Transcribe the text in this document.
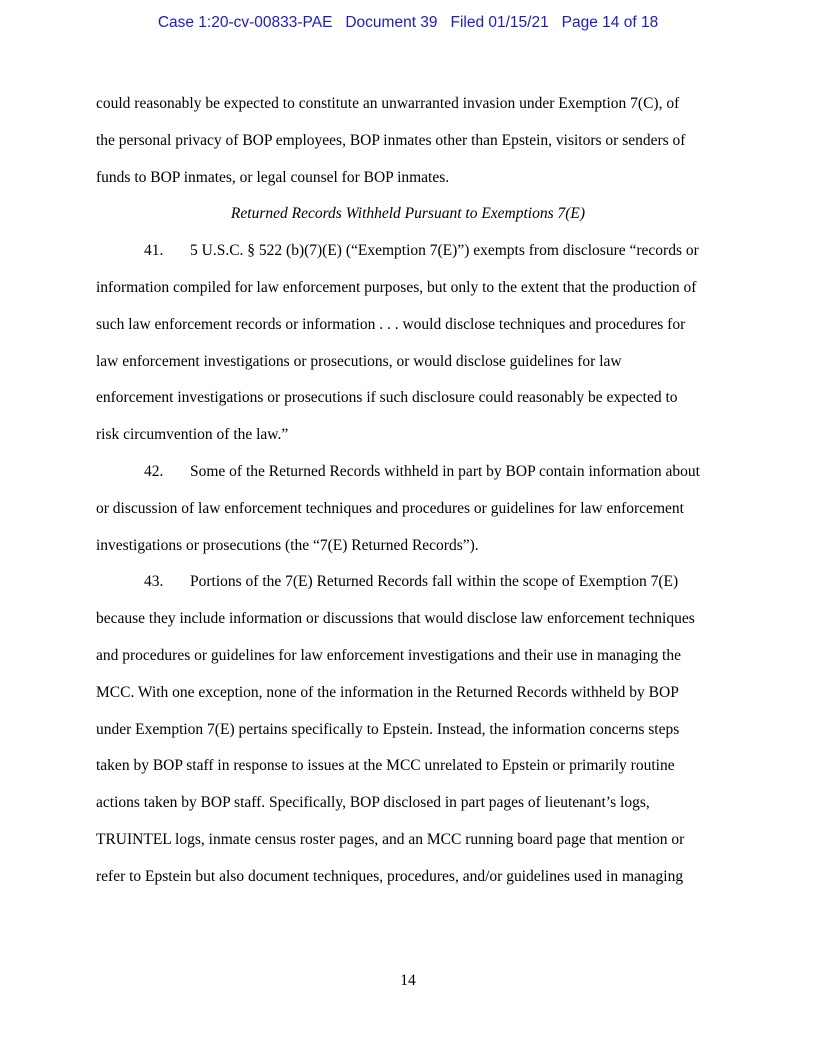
Case 1:20-cv-00833-PAE Document 39 Filed 01/15/21 Page 14 of 18
could reasonably be expected to constitute an unwarranted invasion under Exemption 7(C), of
the personal privacy of BOP employees, BOP inmates other than Epstein, visitors or senders of
funds to BOP inmates, or legal counsel for BOP inmates.
Returned Records Withheld Pursuant to Exemptions 7(E)
41. 5 U.S.C. § 522 (b)(7)(E) (“Exemption 7(E)”) exempts from disclosure “records or
information compiled for law enforcement purposes, but only to the extent that the production of
such law enforcement records or information . . . would disclose techniques and procedures for
law enforcement investigations or prosecutions, or would disclose guidelines for law
enforcement investigations or prosecutions if such disclosure could reasonably be expected to
risk circumvention of the law.”
42. Some of the Returned Records withheld in part by BOP contain information about
or discussion of law enforcement techniques and procedures or guidelines for law enforcement
investigations or prosecutions (the “7(E) Returned Records”).
43. Portions of the 7(E) Returned Records fall within the scope of Exemption 7(E)
because they include information or discussions that would disclose law enforcement techniques
and procedures or guidelines for law enforcement investigations and their use in managing the
MCC. With one exception, none of the information in the Returned Records withheld by BOP
under Exemption 7(E) pertains specifically to Epstein. Instead, the information concerns steps
taken by BOP staff in response to issues at the MCC unrelated to Epstein or primarily routine
actions taken by BOP staff. Specifically, BOP disclosed in part pages of lieutenant’s logs,
TRUINTEL logs, inmate census roster pages, and an MCC running board page that mention or
refer to Epstein but also document techniques, procedures, and/or guidelines used in managing
14
